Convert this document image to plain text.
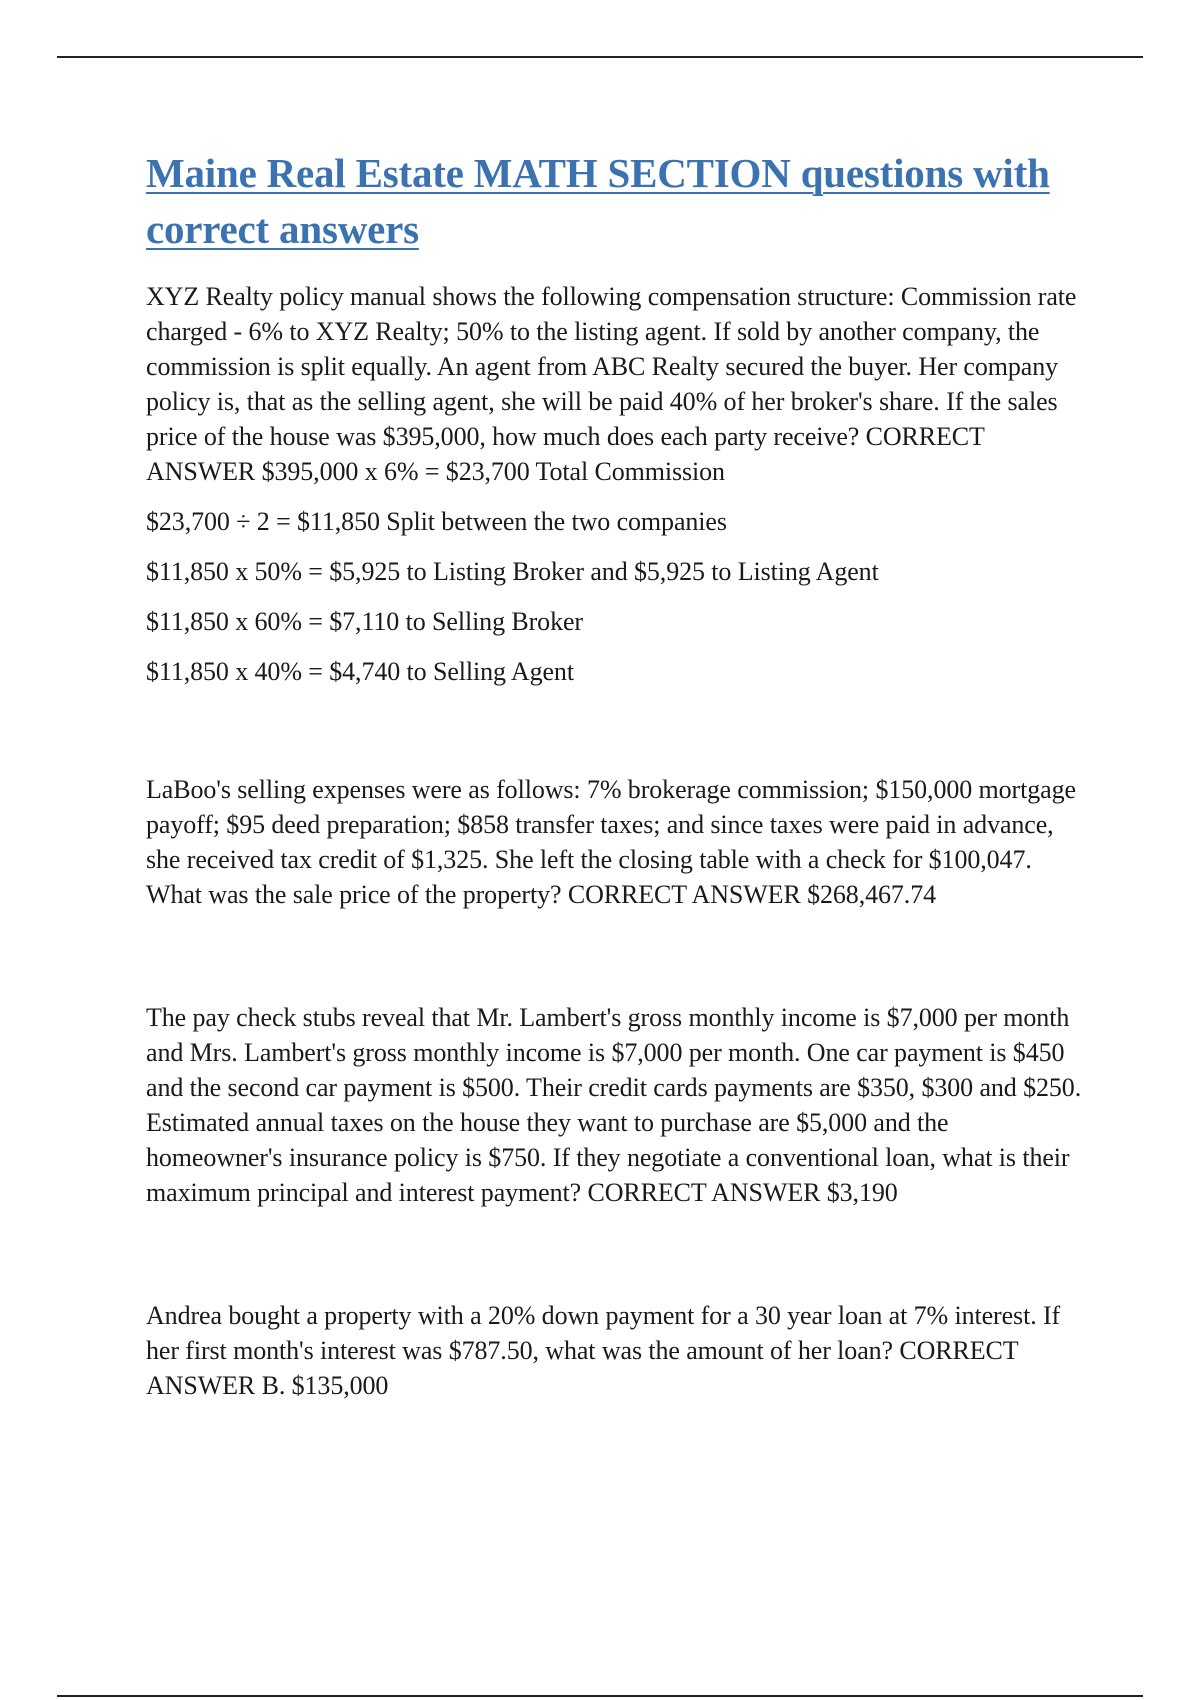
Maine Real Estate MATH SECTION questions with correct answers

XYZ Realty policy manual shows the following compensation structure: Commission rate charged - 6% to XYZ Realty; 50% to the listing agent. If sold by another company, the commission is split equally. An agent from ABC Realty secured the buyer. Her company policy is, that as the selling agent, she will be paid 40% of her broker's share. If the sales price of the house was $395,000, how much does each party receive? CORRECT ANSWER $395,000 x 6% = $23,700 Total Commission

$23,700 ÷ 2 = $11,850 Split between the two companies

$11,850 x 50% = $5,925 to Listing Broker and $5,925 to Listing Agent

$11,850 x 60% = $7,110 to Selling Broker

$11,850 x 40% = $4,740 to Selling Agent

LaBoo's selling expenses were as follows: 7% brokerage commission; $150,000 mortgage payoff; $95 deed preparation; $858 transfer taxes; and since taxes were paid in advance, she received tax credit of $1,325. She left the closing table with a check for $100,047. What was the sale price of the property? CORRECT ANSWER $268,467.74

The pay check stubs reveal that Mr. Lambert's gross monthly income is $7,000 per month and Mrs. Lambert's gross monthly income is $7,000 per month. One car payment is $450 and the second car payment is $500. Their credit cards payments are $350, $300 and $250. Estimated annual taxes on the house they want to purchase are $5,000 and the homeowner's insurance policy is $750. If they negotiate a conventional loan, what is their maximum principal and interest payment? CORRECT ANSWER $3,190

Andrea bought a property with a 20% down payment for a 30 year loan at 7% interest. If her first month's interest was $787.50, what was the amount of her loan? CORRECT ANSWER B. $135,000
